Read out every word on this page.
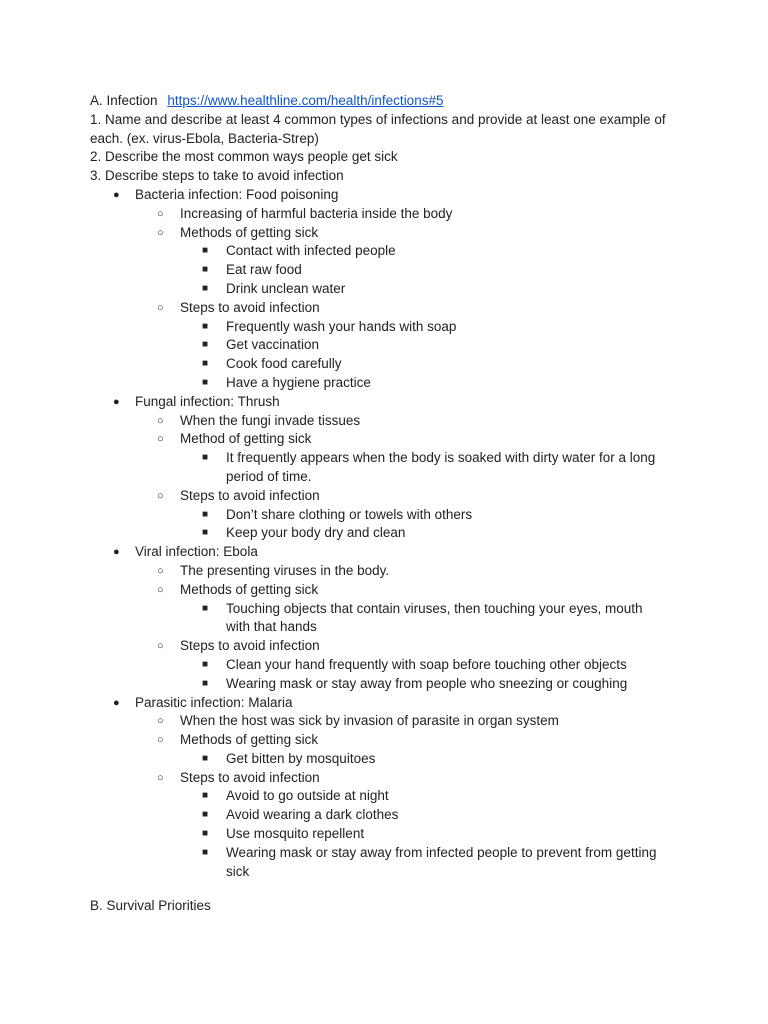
A. Infection https://www.healthline.com/health/infections#5
1. Name and describe at least 4 common types of infections and provide at least one example of each. (ex. virus-Ebola, Bacteria-Strep)
2. Describe the most common ways people get sick
3. Describe steps to take to avoid infection
● Bacteria infection: Food poisoning
○ Increasing of harmful bacteria inside the body
○ Methods of getting sick
■ Contact with infected people
■ Eat raw food
■ Drink unclean water
○ Steps to avoid infection
■ Frequently wash your hands with soap
■ Get vaccination
■ Cook food carefully
■ Have a hygiene practice
● Fungal infection: Thrush
○ When the fungi invade tissues
○ Method of getting sick
■ It frequently appears when the body is soaked with dirty water for a long period of time.
○ Steps to avoid infection
■ Don’t share clothing or towels with others
■ Keep your body dry and clean
● Viral infection: Ebola
○ The presenting viruses in the body.
○ Methods of getting sick
■ Touching objects that contain viruses, then touching your eyes, mouth with that hands
○ Steps to avoid infection
■ Clean your hand frequently with soap before touching other objects
■ Wearing mask or stay away from people who sneezing or coughing
● Parasitic infection: Malaria
○ When the host was sick by invasion of parasite in organ system
○ Methods of getting sick
■ Get bitten by mosquitoes
○ Steps to avoid infection
■ Avoid to go outside at night
■ Avoid wearing a dark clothes
■ Use mosquito repellent
■ Wearing mask or stay away from infected people to prevent from getting sick
B. Survival Priorities
